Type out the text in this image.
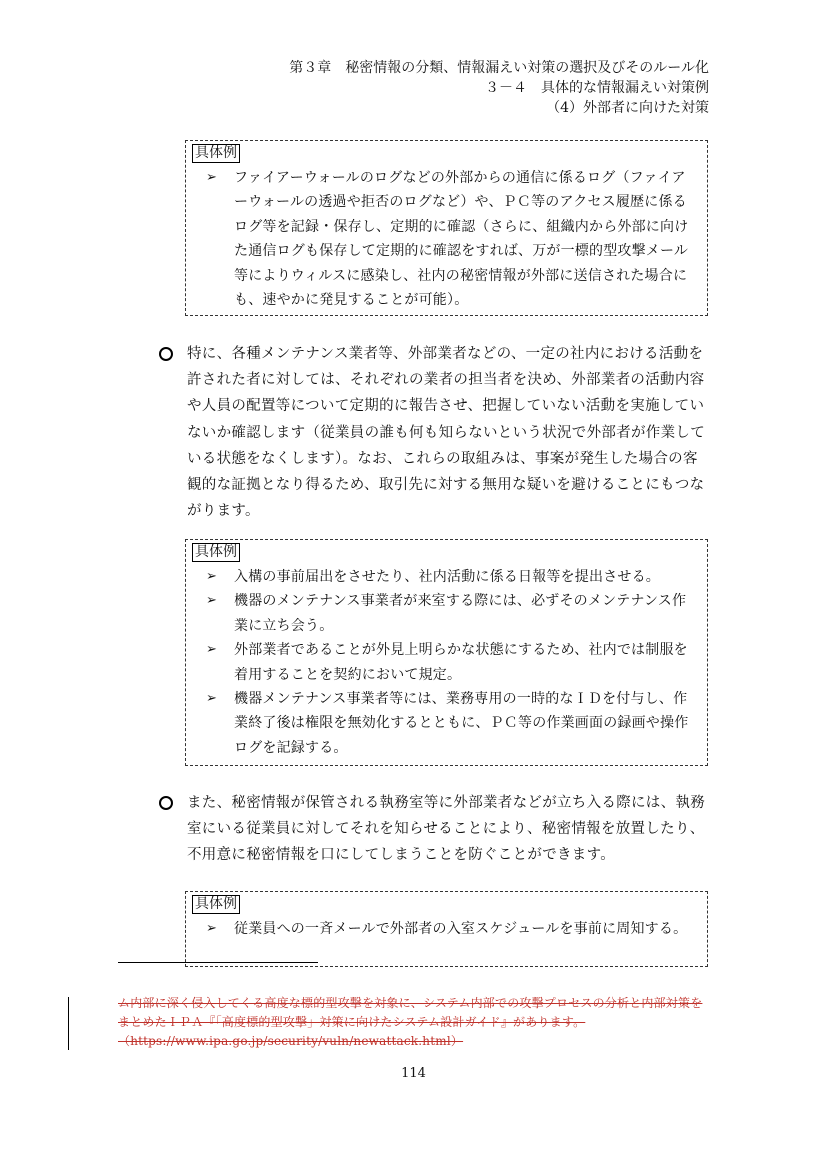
第３章　秘密情報の分類、情報漏えい対策の選択及びそのルール化
３－４　具体的な情報漏えい対策例
（4）外部者に向けた対策
具体例
➢ ファイアーウォールのログなどの外部からの通信に係るログ（ファイアーウォールの透過や拒否のログなど）や、ＰＣ等のアクセス履歴に係るログ等を記録・保存し、定期的に確認（さらに、組織内から外部に向けた通信ログも保存して定期的に確認をすれば、万が一標的型攻撃メール等によりウィルスに感染し、社内の秘密情報が外部に送信された場合にも、速やかに発見することが可能）。
特に、各種メンテナンス業者等、外部業者などの、一定の社内における活動を許された者に対しては、それぞれの業者の担当者を決め、外部業者の活動内容や人員の配置等について定期的に報告させ、把握していない活動を実施していないか確認します（従業員の誰も何も知らないという状況で外部者が作業している状態をなくします）。なお、これらの取組みは、事案が発生した場合の客観的な証拠となり得るため、取引先に対する無用な疑いを避けることにもつながります。
具体例
➢ 入構の事前届出をさせたり、社内活動に係る日報等を提出させる。
➢ 機器のメンテナンス事業者が来室する際には、必ずそのメンテナンス作業に立ち会う。
➢ 外部業者であることが外見上明らかな状態にするため、社内では制服を着用することを契約において規定。
➢ 機器メンテナンス事業者等には、業務専用の一時的なＩＤを付与し、作業終了後は権限を無効化するとともに、ＰＣ等の作業画面の録画や操作ログを記録する。
また、秘密情報が保管される執務室等に外部業者などが立ち入る際には、執務室にいる従業員に対してそれを知らせることにより、秘密情報を放置したり、不用意に秘密情報を口にしてしまうことを防ぐことができます。
具体例
➢ 従業員への一斉メールで外部者の入室スケジュールを事前に周知する。
ム内部に深く侵入してくる高度な標的型攻撃を対象に、システム内部での攻撃プロセスの分析と内部対策をまとめたＩＰＡ『「高度標的型攻撃」対策に向けたシステム設計ガイド』があります。（https://www.ipa.go.jp/security/vuln/newattack.html）
114
